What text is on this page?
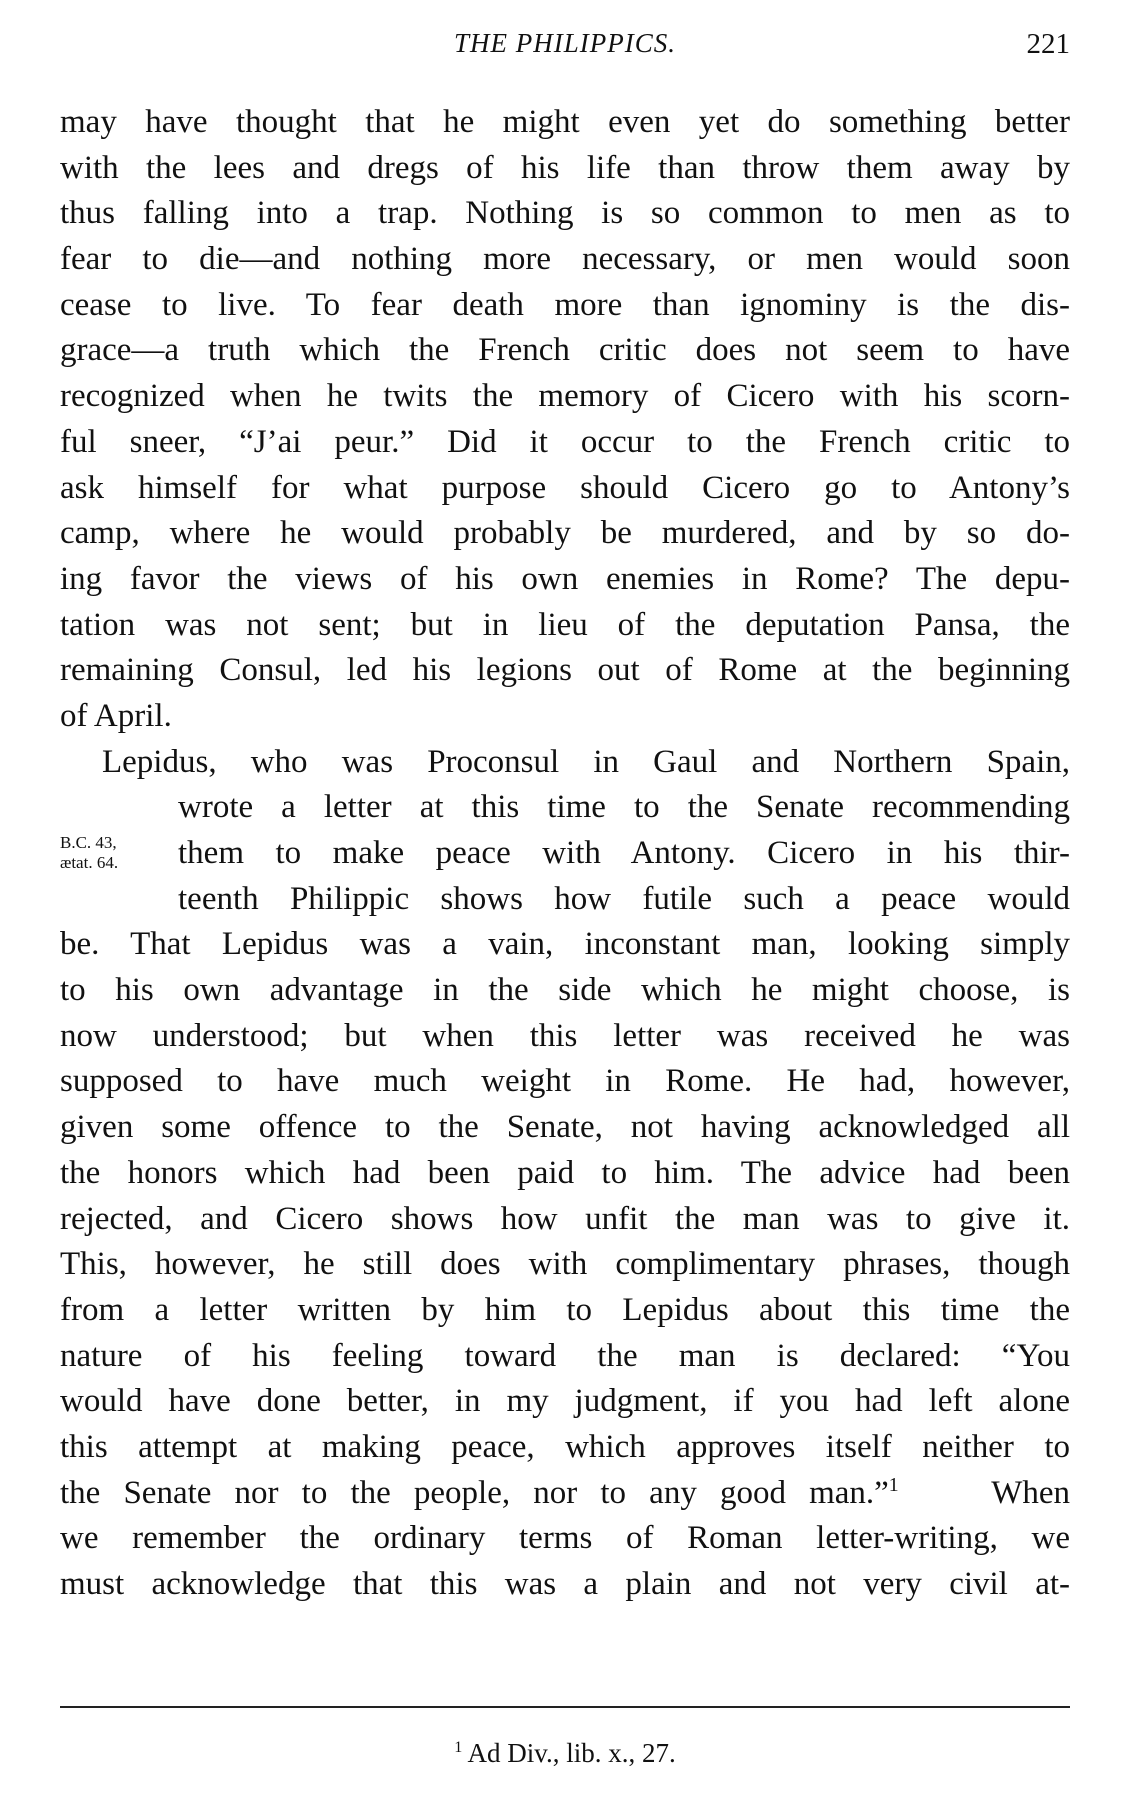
THE PHILIPPICS.	221
may have thought that he might even yet do something better
with the lees and dregs of his life than throw them away by
thus falling into a trap. Nothing is so common to men as to
fear to die—and nothing more necessary, or men would soon
cease to live. To fear death more than ignominy is the dis-
grace—a truth which the French critic does not seem to have
recognized when he twits the memory of Cicero with his scorn-
ful sneer, “J’ai peur.” Did it occur to the French critic to
ask himself for what purpose should Cicero go to Antony’s
camp, where he would probably be murdered, and by so do-
ing favor the views of his own enemies in Rome? The depu-
tation was not sent; but in lieu of the deputation Pansa, the
remaining Consul, led his legions out of Rome at the beginning
of April.
Lepidus, who was Proconsul in Gaul and Northern Spain,
wrote a letter at this time to the Senate recommending
B.C. 43,
ætat. 64.	them to make peace with Antony. Cicero in his thir-
teenth Philippic shows how futile such a peace would
be. That Lepidus was a vain, inconstant man, looking simply
to his own advantage in the side which he might choose, is
now understood; but when this letter was received he was
supposed to have much weight in Rome. He had, however,
given some offence to the Senate, not having acknowledged all
the honors which had been paid to him. The advice had been
rejected, and Cicero shows how unfit the man was to give it.
This, however, he still does with complimentary phrases, though
from a letter written by him to Lepidus about this time the
nature of his feeling toward the man is declared: “You
would have done better, in my judgment, if you had left alone
this attempt at making peace, which approves itself neither to
the Senate nor to the people, nor to any good man.”$^1$	When
we remember the ordinary terms of Roman letter-writing, we
must acknowledge that this was a plain and not very civil at-
$^1$ Ad Div., lib. x., 27.
